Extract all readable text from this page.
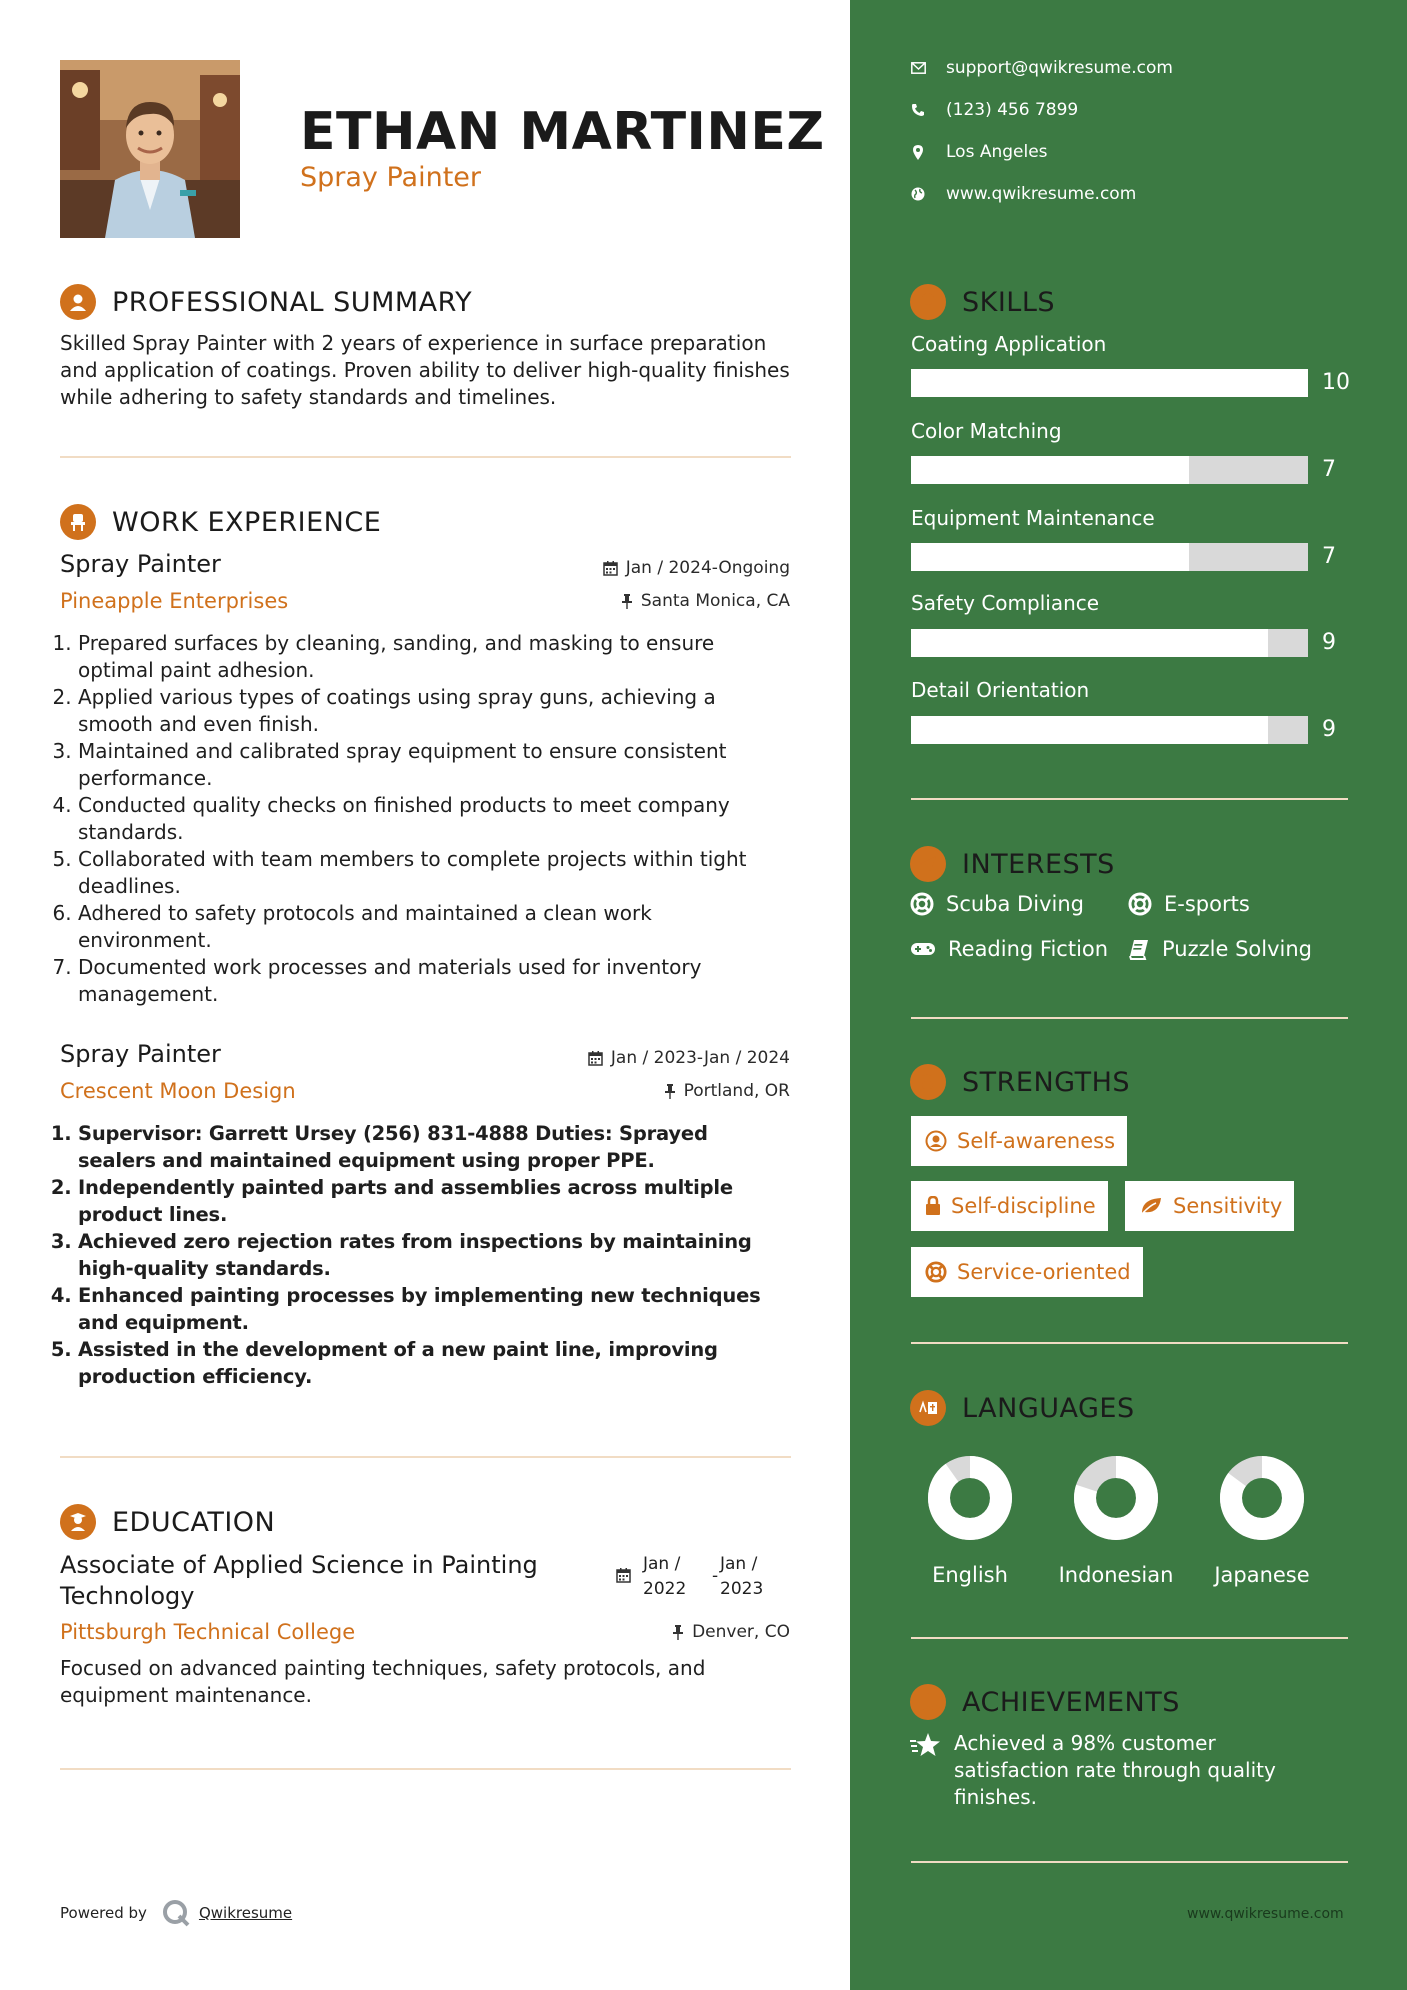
ETHAN MARTINEZ
Spray Painter
PROFESSIONAL SUMMARY
Skilled Spray Painter with 2 years of experience in surface preparation and application of coatings. Proven ability to deliver high-quality finishes while adhering to safety standards and timelines.
WORK EXPERIENCE
Spray Painter	Jan / 2024-Ongoing
Pineapple Enterprises	Santa Monica, CA
1. Prepared surfaces by cleaning, sanding, and masking to ensure optimal paint adhesion.
2. Applied various types of coatings using spray guns, achieving a smooth and even finish.
3. Maintained and calibrated spray equipment to ensure consistent performance.
4. Conducted quality checks on finished products to meet company standards.
5. Collaborated with team members to complete projects within tight deadlines.
6. Adhered to safety protocols and maintained a clean work environment.
7. Documented work processes and materials used for inventory management.
Spray Painter	Jan / 2023-Jan / 2024
Crescent Moon Design	Portland, OR
1. Supervisor: Garrett Ursey (256) 831-4888 Duties: Sprayed sealers and maintained equipment using proper PPE.
2. Independently painted parts and assemblies across multiple product lines.
3. Achieved zero rejection rates from inspections by maintaining high-quality standards.
4. Enhanced painting processes by implementing new techniques and equipment.
5. Assisted in the development of a new paint line, improving production efficiency.
EDUCATION
Associate of Applied Science in Painting
Technology
Jan /
2022
-
Jan /
2023
Pittsburgh Technical College	Denver, CO
Focused on advanced painting techniques, safety protocols, and equipment maintenance.
Powered by	Qwikresume
support@qwikresume.com
(123) 456 7899
Los Angeles
www.qwikresume.com
SKILLS
Coating Application
10
Color Matching
7
Equipment Maintenance
7
Safety Compliance
9
Detail Orientation
9
INTERESTS
Scuba Diving	E-sports
Reading Fiction	Puzzle Solving
STRENGTHS
Self-awareness
Self-discipline	Sensitivity
Service-oriented
LANGUAGES
English	Indonesian	Japanese
ACHIEVEMENTS
Achieved a 98% customer satisfaction rate through quality finishes.
www.qwikresume.com
